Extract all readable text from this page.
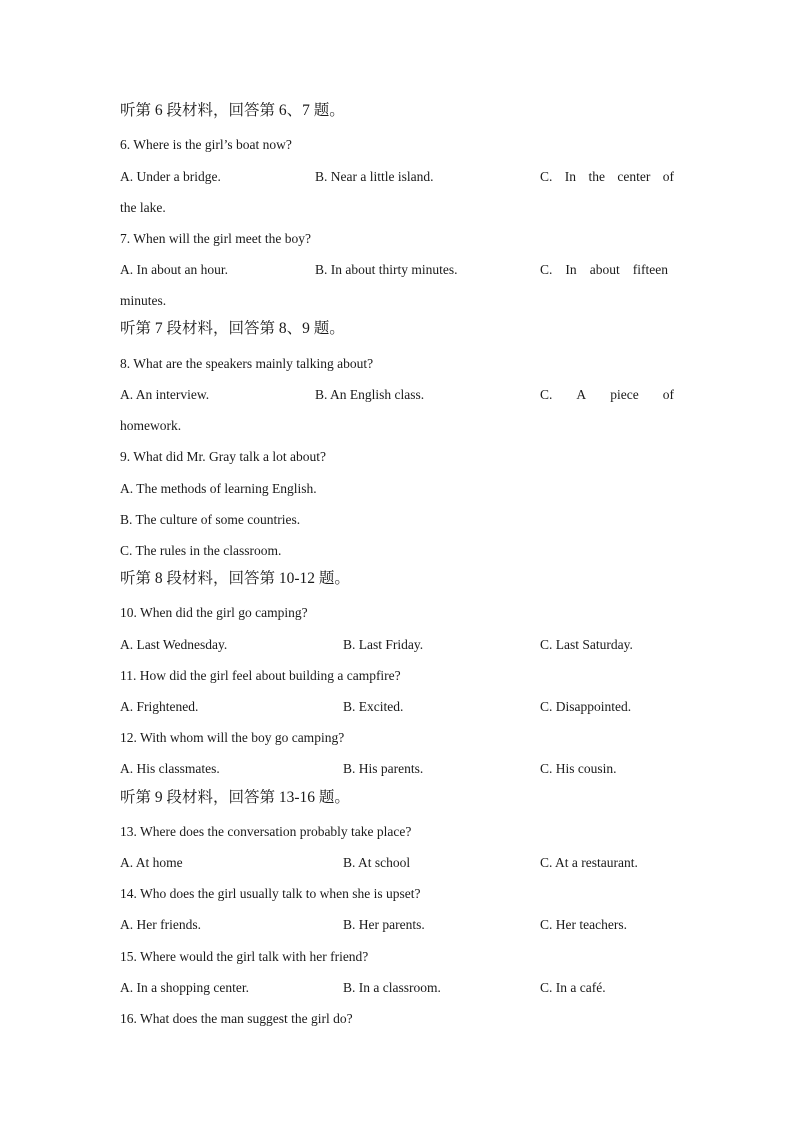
听第 6 段材料，回答第 6、7 题。
6. Where is the girl’s boat now?
A. Under a bridge.	B. Near a little island.	C. In the center of
the lake.
7. When will the girl meet the boy?
A. In about an hour.	B. In about thirty minutes.	C. In about fifteen
minutes.
听第 7 段材料，回答第 8、9 题。
8. What are the speakers mainly talking about?
A. An interview.	B. An English class.	C. A piece of
homework.
9. What did Mr. Gray talk a lot about?
A. The methods of learning English.
B. The culture of some countries.
C. The rules in the classroom.
听第 8 段材料，回答第 10-12 题。
10. When did the girl go camping?
A. Last Wednesday.	B. Last Friday.	C. Last Saturday.
11. How did the girl feel about building a campfire?
A. Frightened.	B. Excited.	C. Disappointed.
12. With whom will the boy go camping?
A. His classmates.	B. His parents.	C. His cousin.
听第 9 段材料，回答第 13-16 题。
13. Where does the conversation probably take place?
A. At home	B. At school	C. At a restaurant.
14. Who does the girl usually talk to when she is upset?
A. Her friends.	B. Her parents.	C. Her teachers.
15. Where would the girl talk with her friend?
A. In a shopping center.	B. In a classroom.	C. In a café.
16. What does the man suggest the girl do?
